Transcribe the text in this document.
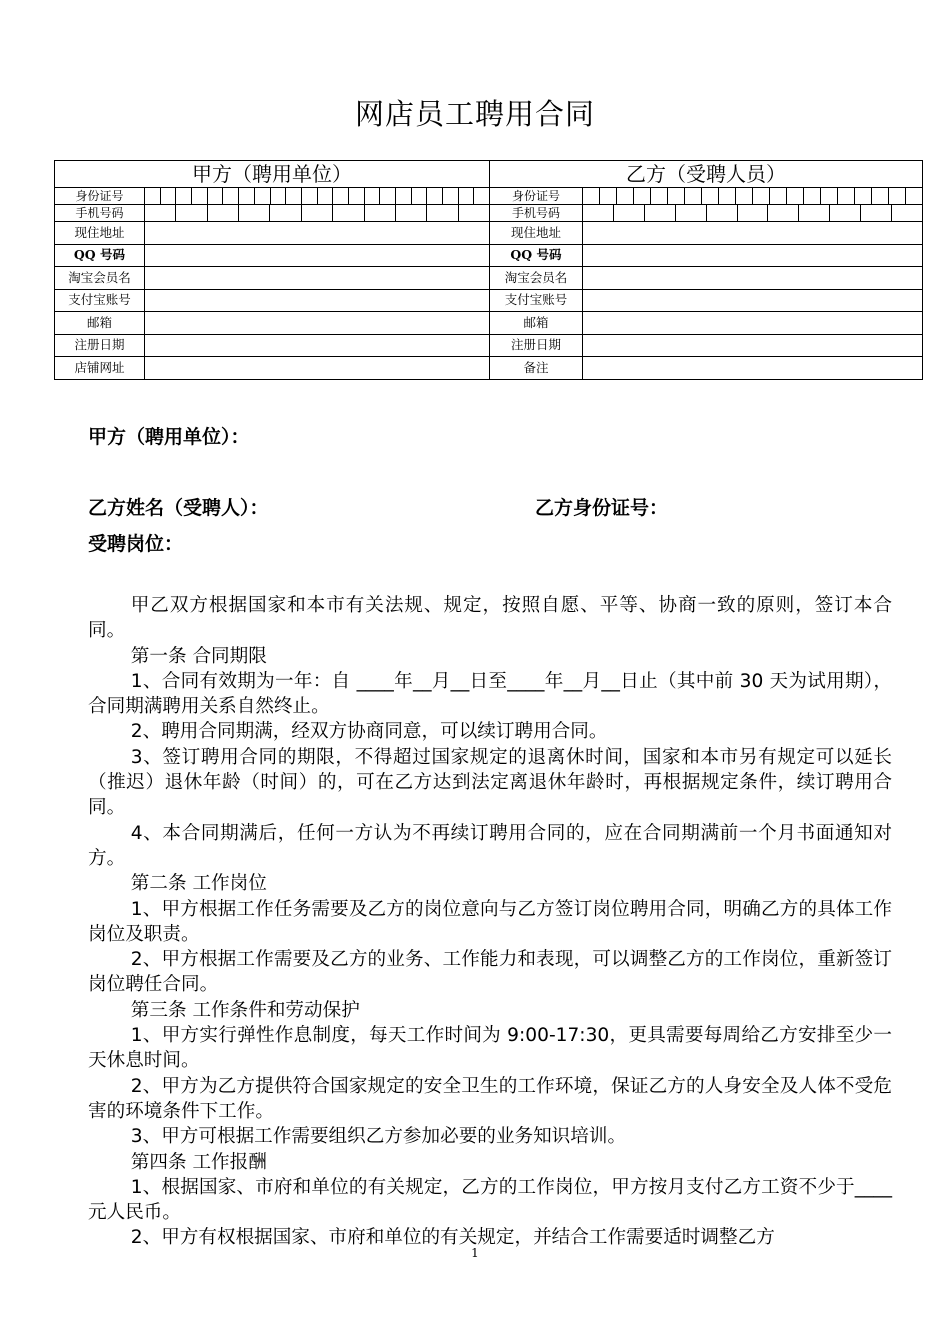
网店员工聘用合同
甲方（聘用单位）		乙方（受聘人员）	
身份证号		身份证号	

手机号码		手机号码	

现住地址		现住地址	
QQ 号码		QQ 号码	
淘宝会员名		淘宝会员名	
支付宝账号		支付宝账号	
邮箱		邮箱	
注册日期		注册日期	
店铺网址		备注	
甲方（聘用单位）：
乙方姓名（受聘人）：	乙方身份证号：
受聘岗位：

甲乙双方根据国家和本市有关法规、规定，按照自愿、平等、协商一致的原则，签订本合同。

第一条 合同期限

1、合同有效期为一年：自 ____年__月__日至____年__月__日止（其中前 30 天为试用期），合同期满聘用关系自然终止。

2、聘用合同期满，经双方协商同意，可以续订聘用合同。

3、签订聘用合同的期限，不得超过国家规定的退离休时间，国家和本市另有规定可以延长（推迟）退休年龄（时间）的，可在乙方达到法定离退休年龄时，再根据规定条件，续订聘用合同。

4、本合同期满后，任何一方认为不再续订聘用合同的，应在合同期满前一个月书面通知对方。

第二条 工作岗位

1、甲方根据工作任务需要及乙方的岗位意向与乙方签订岗位聘用合同，明确乙方的具体工作岗位及职责。

2、甲方根据工作需要及乙方的业务、工作能力和表现，可以调整乙方的工作岗位，重新签订岗位聘任合同。

第三条 工作条件和劳动保护

1、甲方实行弹性作息制度，每天工作时间为 9:00-17:30，更具需要每周给乙方安排至少一天休息时间。

2、甲方为乙方提供符合国家规定的安全卫生的工作环境，保证乙方的人身安全及人体不受危害的环境条件下工作。

3、甲方可根据工作需要组织乙方参加必要的业务知识培训。

第四条 工作报酬

1、根据国家、市府和单位的有关规定，乙方的工作岗位，甲方按月支付乙方工资不少于____元人民币。

2、甲方有权根据国家、市府和单位的有关规定，并结合工作需要适时调整乙方

1
